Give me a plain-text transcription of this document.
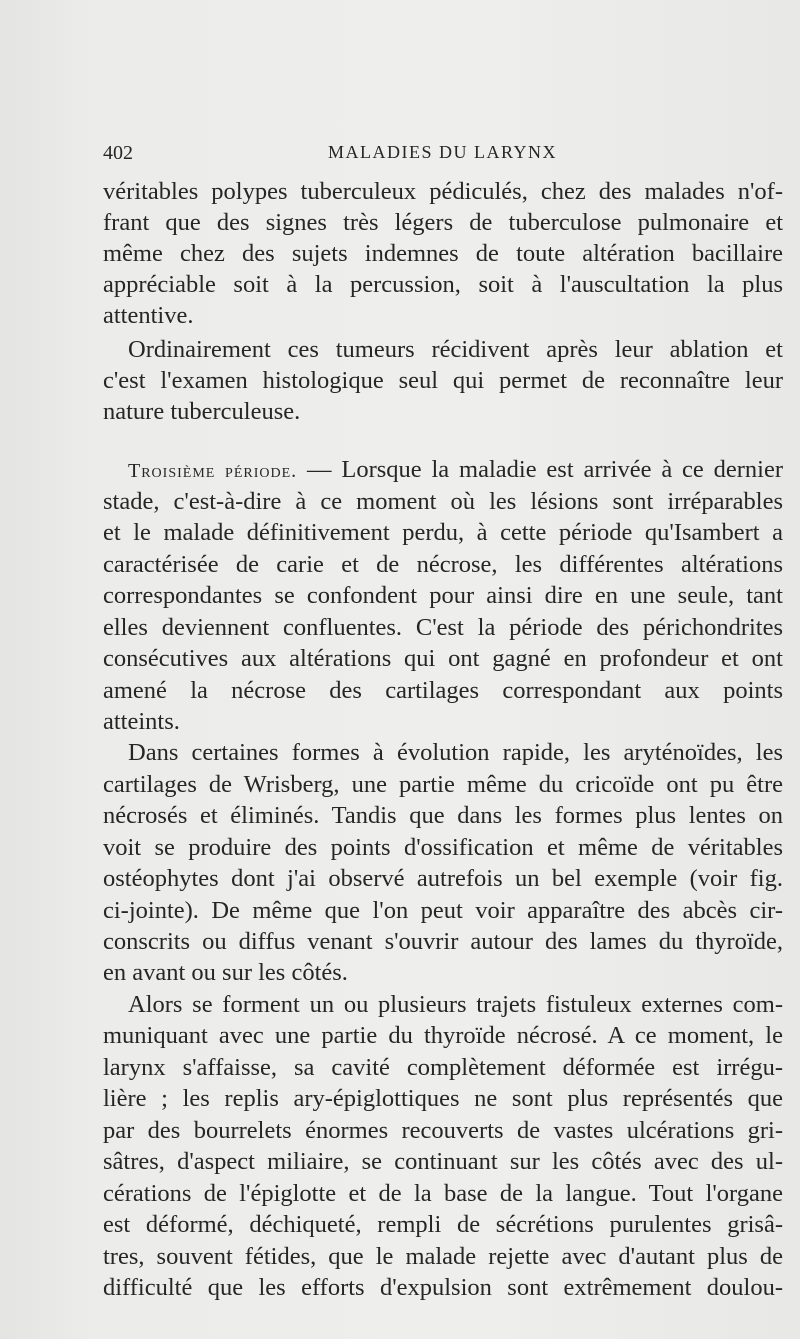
402	MALADIES DU LARYNX
véritables polypes tuberculeux pédiculés, chez des malades n'of-
frant que des signes très légers de tuberculose pulmonaire et
même chez des sujets indemnes de toute altération bacillaire
appréciable soit à la percussion, soit à l'auscultation la plus
attentive.
Ordinairement ces tumeurs récidivent après leur ablation et
c'est l'examen histologique seul qui permet de reconnaître leur
nature tuberculeuse.
Troisième période. — Lorsque la maladie est arrivée à ce dernier
stade, c'est-à-dire à ce moment où les lésions sont irréparables
et le malade définitivement perdu, à cette période qu'Isambert a
caractérisée de carie et de nécrose, les différentes altérations
correspondantes se confondent pour ainsi dire en une seule, tant
elles deviennent confluentes. C'est la période des périchondrites
consécutives aux altérations qui ont gagné en profondeur et ont
amené la nécrose des cartilages correspondant aux points
atteints.
Dans certaines formes à évolution rapide, les aryténoïdes, les
cartilages de Wrisberg, une partie même du cricoïde ont pu être
nécrosés et éliminés. Tandis que dans les formes plus lentes on
voit se produire des points d'ossification et même de véritables
ostéophytes dont j'ai observé autrefois un bel exemple (voir fig.
ci-jointe). De même que l'on peut voir apparaître des abcès cir-
conscrits ou diffus venant s'ouvrir autour des lames du thyroïde,
en avant ou sur les côtés.
Alors se forment un ou plusieurs trajets fistuleux externes com-
muniquant avec une partie du thyroïde nécrosé. A ce moment, le
larynx s'affaisse, sa cavité complètement déformée est irrégu-
lière ; les replis ary-épiglottiques ne sont plus représentés que
par des bourrelets énormes recouverts de vastes ulcérations gri-
sâtres, d'aspect miliaire, se continuant sur les côtés avec des ul-
cérations de l'épiglotte et de la base de la langue. Tout l'organe
est déformé, déchiqueté, rempli de sécrétions purulentes grisâ-
tres, souvent fétides, que le malade rejette avec d'autant plus de
difficulté que les efforts d'expulsion sont extrêmement doulou-
